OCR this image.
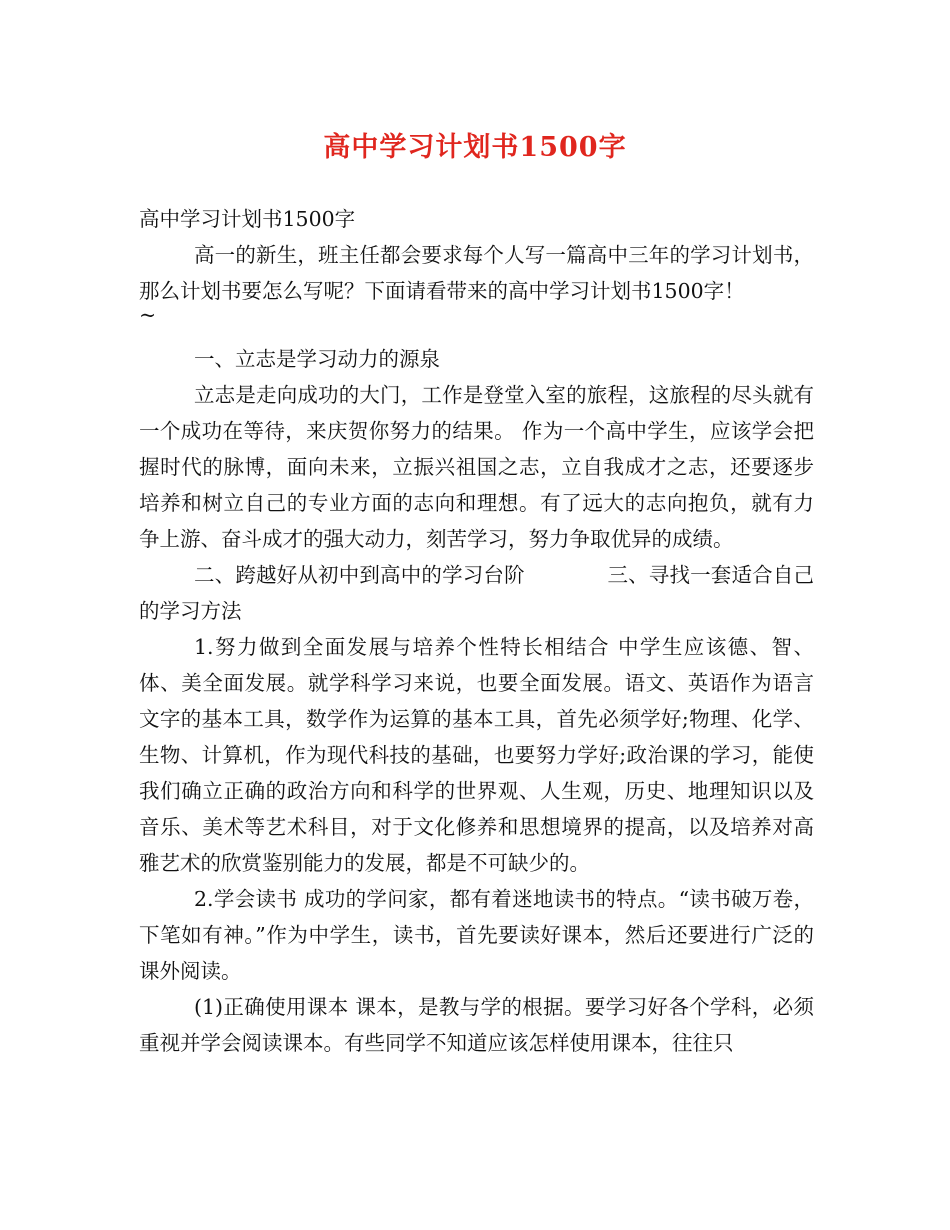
高中学习计划书1500字

高中学习计划书1500字

高一的新生，班主任都会要求每个人写一篇高中三年的学习计划书，那么计划书要怎么写呢？下面请看带来的高中学习计划书1500字！

~

一、立志是学习动力的源泉

立志是走向成功的大门，工作是登堂入室的旅程，这旅程的尽头就有一个成功在等待，来庆贺你努力的结果。 作为一个高中学生，应该学会把握时代的脉博，面向未来，立振兴祖国之志，立自我成才之志，还要逐步培养和树立自己的专业方面的志向和理想。有了远大的志向抱负，就有力争上游、奋斗成才的强大动力，刻苦学习，努力争取优异的成绩。

二、跨越好从初中到高中的学习台阶　　　　三、寻找一套适合自己的学习方法

1.努力做到全面发展与培养个性特长相结合 中学生应该德、智、体、美全面发展。就学科学习来说，也要全面发展。语文、英语作为语言文字的基本工具，数学作为运算的基本工具，首先必须学好;物理、化学、生物、计算机，作为现代科技的基础，也要努力学好;政治课的学习，能使我们确立正确的政治方向和科学的世界观、人生观，历史、地理知识以及音乐、美术等艺术科目，对于文化修养和思想境界的提高，以及培养对高雅艺术的欣赏鉴别能力的发展，都是不可缺少的。

2.学会读书 成功的学问家，都有着迷地读书的特点。“读书破万卷，下笔如有神。”作为中学生，读书，首先要读好课本，然后还要进行广泛的课外阅读。

(1)正确使用课本 课本，是教与学的根据。要学习好各个学科，必须重视并学会阅读课本。有些同学不知道应该怎样使用课本，往往只
